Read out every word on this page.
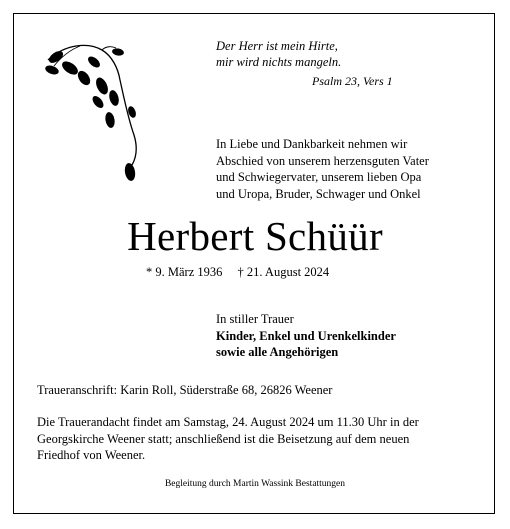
Der Herr ist mein Hirte,
mir wird nichts mangeln.
Psalm 23, Vers 1
In Liebe und Dankbarkeit nehmen wir
Abschied von unserem herzensguten Vater
und Schwiegervater, unserem lieben Opa
und Uropa, Bruder, Schwager und Onkel
Herbert Schüür
* 9. März 1936 † 21. August 2024
In stiller Trauer
Kinder, Enkel und Urenkelkinder
sowie alle Angehörigen
Traueranschrift: Karin Roll, Süderstraße 68, 26826 Weener
Die Trauerandacht findet am Samstag, 24. August 2024 um 11.30 Uhr in der
Georgskirche Weener statt; anschließend ist die Beisetzung auf dem neuen
Friedhof von Weener.
Begleitung durch Martin Wassink Bestattungen
